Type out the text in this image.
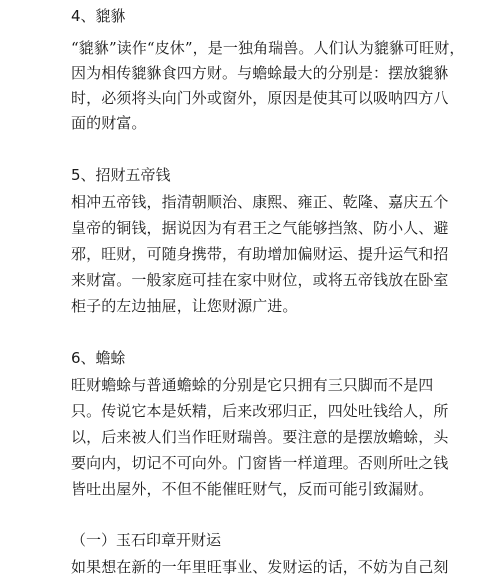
4、貔貅
“貔貅”读作“皮休”，是一独角瑞兽。人们认为貔貅可旺财，
因为相传貔貅食四方财。与蟾蜍最大的分别是：摆放貔貅
时，必须将头向门外或窗外，原因是使其可以吸呐四方八
面的财富。
5、招财五帝钱
相冲五帝钱，指清朝顺治、康熙、雍正、乾隆、嘉庆五个
皇帝的铜钱，据说因为有君王之气能够挡煞、防小人、避
邪，旺财，可随身携带，有助增加偏财运、提升运气和招
来财富。一般家庭可挂在家中财位，或将五帝钱放在卧室
柜子的左边抽屉，让您财源广进。
6、蟾蜍
旺财蟾蜍与普通蟾蜍的分别是它只拥有三只脚而不是四
只。传说它本是妖精，后来改邪归正，四处吐钱给人，所
以，后来被人们当作旺财瑞兽。要注意的是摆放蟾蜍，头
要向内，切记不可向外。门窗皆一样道理。否则所吐之钱
皆吐出屋外，不但不能催旺财气，反而可能引致漏财。
（一）玉石印章开财运
如果想在新的一年里旺事业、发财运的话，不妨为自己刻
